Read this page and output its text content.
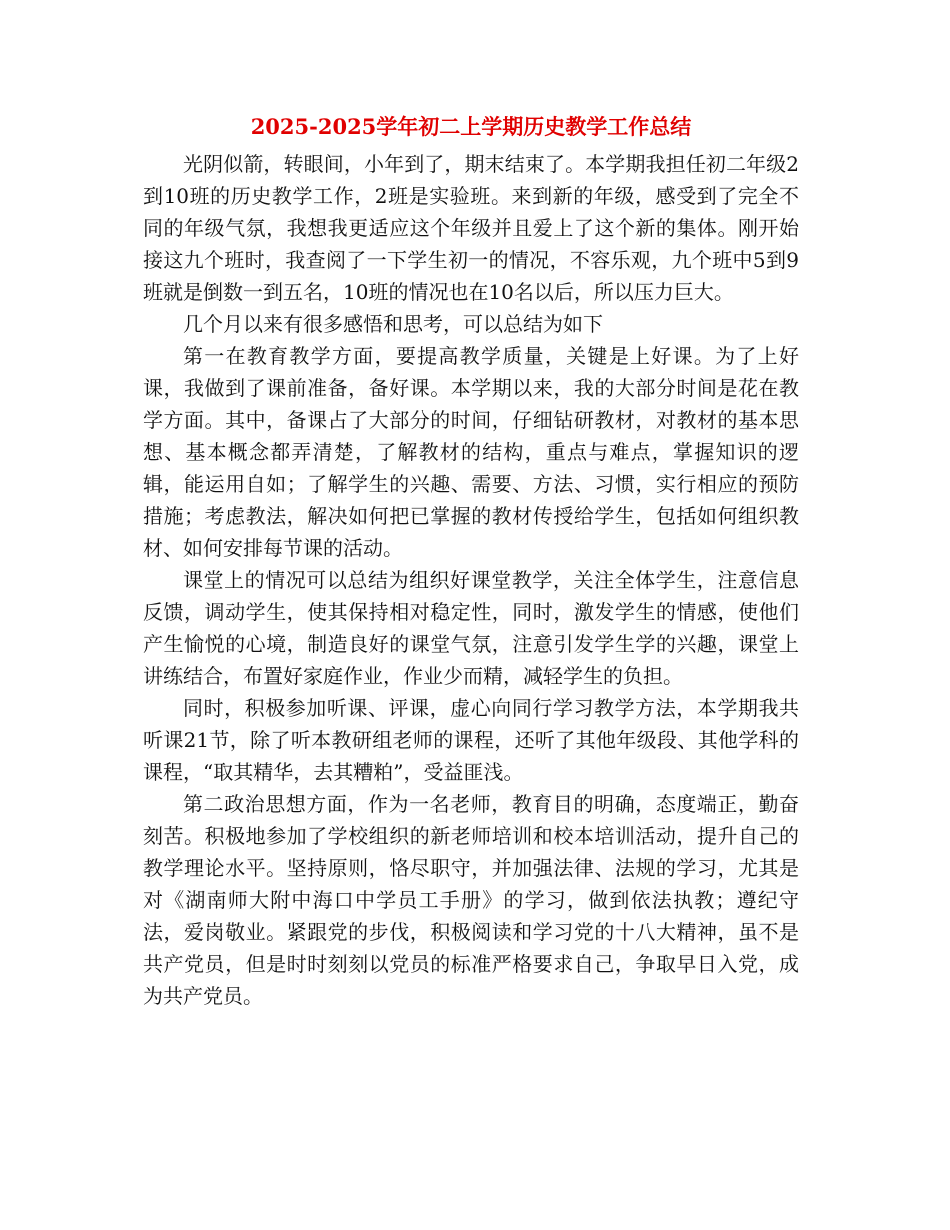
2025-2025学年初二上学期历史教学工作总结

光阴似箭，转眼间，小年到了，期末结束了。本学期我担任初二年级2到10班的历史教学工作，2班是实验班。来到新的年级，感受到了完全不同的年级气氛，我想我更适应这个年级并且爱上了这个新的集体。刚开始接这九个班时，我查阅了一下学生初一的情况，不容乐观，九个班中5到9班就是倒数一到五名，10班的情况也在10名以后，所以压力巨大。

几个月以来有很多感悟和思考，可以总结为如下

第一在教育教学方面，要提高教学质量，关键是上好课。为了上好课，我做到了课前准备，备好课。本学期以来，我的大部分时间是花在教学方面。其中，备课占了大部分的时间，仔细钻研教材，对教材的基本思想、基本概念都弄清楚，了解教材的结构，重点与难点，掌握知识的逻辑，能运用自如；了解学生的兴趣、需要、方法、习惯，实行相应的预防措施；考虑教法，解决如何把已掌握的教材传授给学生，包括如何组织教材、如何安排每节课的活动。

课堂上的情况可以总结为组织好课堂教学，关注全体学生，注意信息反馈，调动学生，使其保持相对稳定性，同时，激发学生的情感，使他们产生愉悦的心境，制造良好的课堂气氛，注意引发学生学的兴趣，课堂上讲练结合，布置好家庭作业，作业少而精，减轻学生的负担。

同时，积极参加听课、评课，虚心向同行学习教学方法，本学期我共听课21节，除了听本教研组老师的课程，还听了其他年级段、其他学科的课程，“取其精华，去其糟粕”，受益匪浅。

第二政治思想方面，作为一名老师，教育目的明确，态度端正，勤奋刻苦。积极地参加了学校组织的新老师培训和校本培训活动，提升自己的教学理论水平。坚持原则，恪尽职守，并加强法律、法规的学习，尤其是对《湖南师大附中海口中学员工手册》的学习，做到依法执教；遵纪守法，爱岗敬业。紧跟党的步伐，积极阅读和学习党的十八大精神，虽不是共产党员，但是时时刻刻以党员的标准严格要求自己，争取早日入党，成为共产党员。
